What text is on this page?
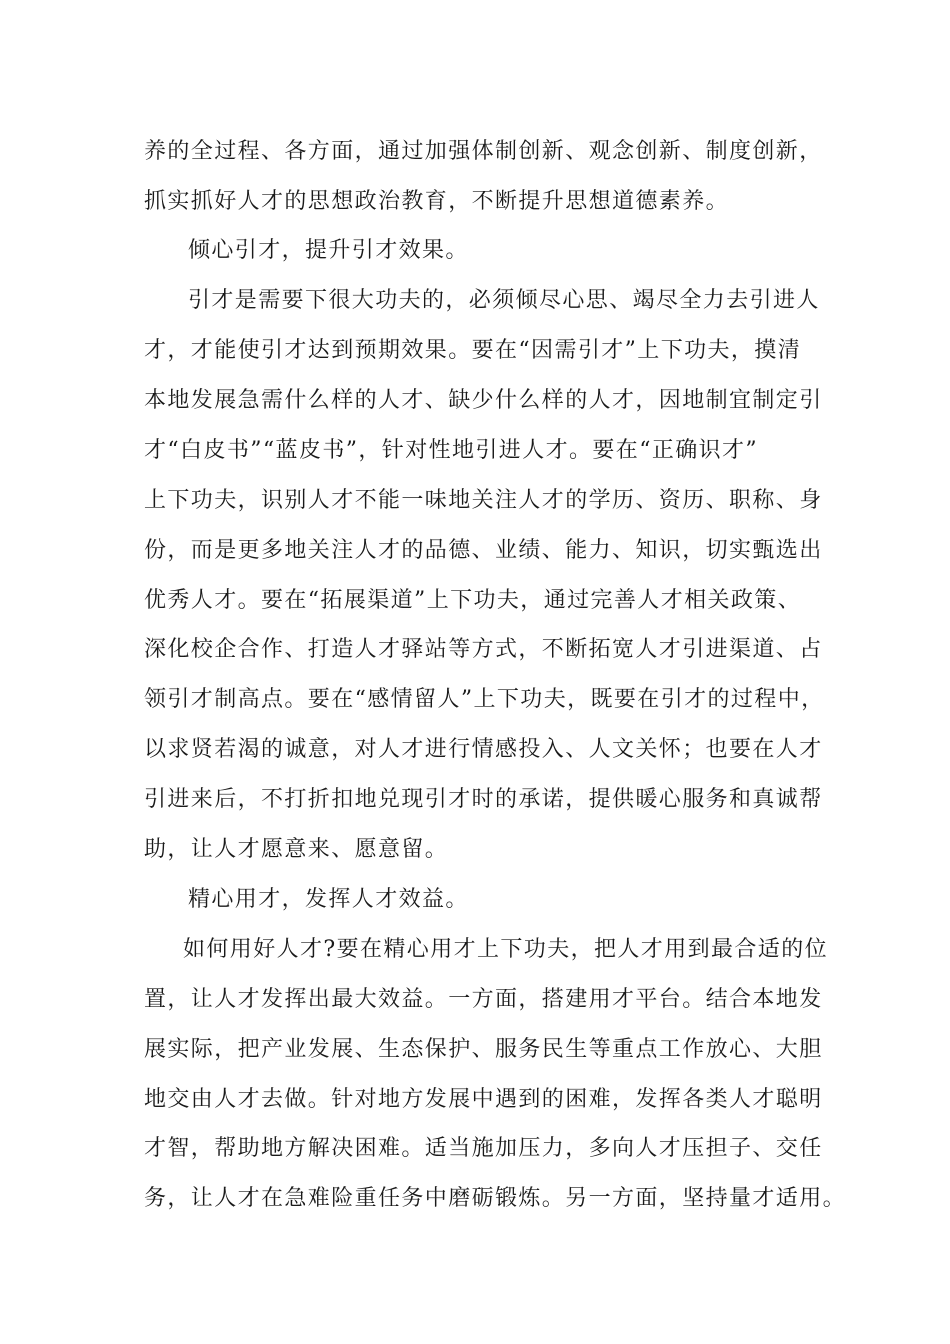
养的全过程、各方面，通过加强体制创新、观念创新、制度创新，
抓实抓好人才的思想政治教育，不断提升思想道德素养。
倾心引才，提升引才效果。
引才是需要下很大功夫的，必须倾尽心思、竭尽全力去引进人
才，才能使引才达到预期效果。要在“因需引才”上下功夫，摸清
本地发展急需什么样的人才、缺少什么样的人才，因地制宜制定引
才“白皮书”“蓝皮书”，针对性地引进人才。要在“正确识才”
上下功夫，识别人才不能一味地关注人才的学历、资历、职称、身
份，而是更多地关注人才的品德、业绩、能力、知识，切实甄选出
优秀人才。要在“拓展渠道”上下功夫，通过完善人才相关政策、
深化校企合作、打造人才驿站等方式，不断拓宽人才引进渠道、占
领引才制高点。要在“感情留人”上下功夫，既要在引才的过程中，
以求贤若渴的诚意，对人才进行情感投入、人文关怀；也要在人才
引进来后，不打折扣地兑现引才时的承诺，提供暖心服务和真诚帮
助，让人才愿意来、愿意留。
精心用才，发挥人才效益。
如何用好人才?要在精心用才上下功夫，把人才用到最合适的位
置，让人才发挥出最大效益。一方面，搭建用才平台。结合本地发
展实际，把产业发展、生态保护、服务民生等重点工作放心、大胆
地交由人才去做。针对地方发展中遇到的困难，发挥各类人才聪明
才智，帮助地方解决困难。适当施加压力，多向人才压担子、交任
务，让人才在急难险重任务中磨砺锻炼。另一方面，坚持量才适用。
